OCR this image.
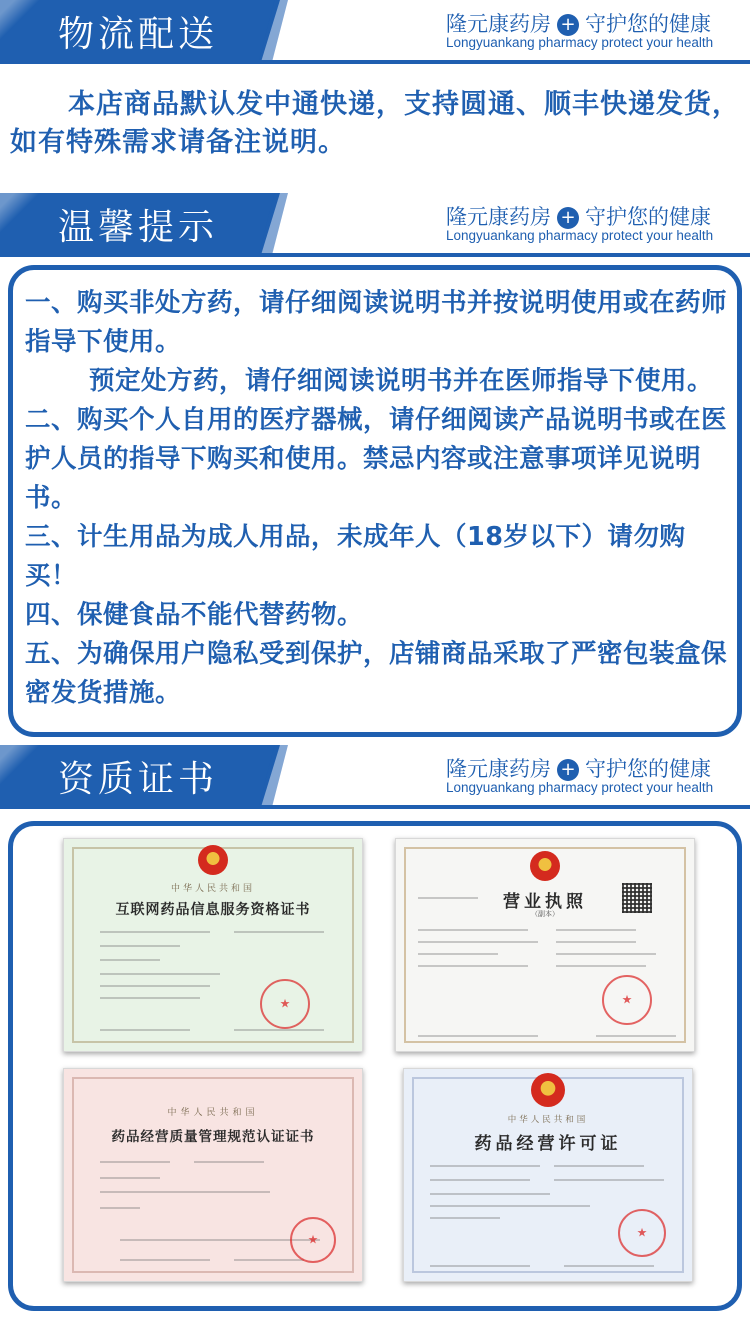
物流配送	隆元康药房 + 守护您的健康
Longyuankang pharmacy protect your health

本店商品默认发中通快递，支持圆通、顺丰快递发货，如有特殊需求请备注说明。

温馨提示	隆元康药房 + 守护您的健康
Longyuankang pharmacy protect your health

一、购买非处方药，请仔细阅读说明书并按说明使用或在药师指导下使用。

预定处方药，请仔细阅读说明书并在医师指导下使用。

二、购买个人自用的医疗器械，请仔细阅读产品说明书或在医护人员的指导下购买和使用。禁忌内容或注意事项详见说明书。

三、计生用品为成人用品，未成年人（18岁以下）请勿购买！

四、保健食品不能代替药物。

五、为确保用户隐私受到保护，店铺商品采取了严密包装盒保密发货措施。

资质证书	隆元康药房 + 守护您的健康
Longyuankang pharmacy protect your health
中华人民共和国
互联网药品信息服务资格证书
★	营业执照
（副本）
★
中华人民共和国
药品经营质量管理规范认证证书
★
中华人民共和国
药品经营许可证
★
